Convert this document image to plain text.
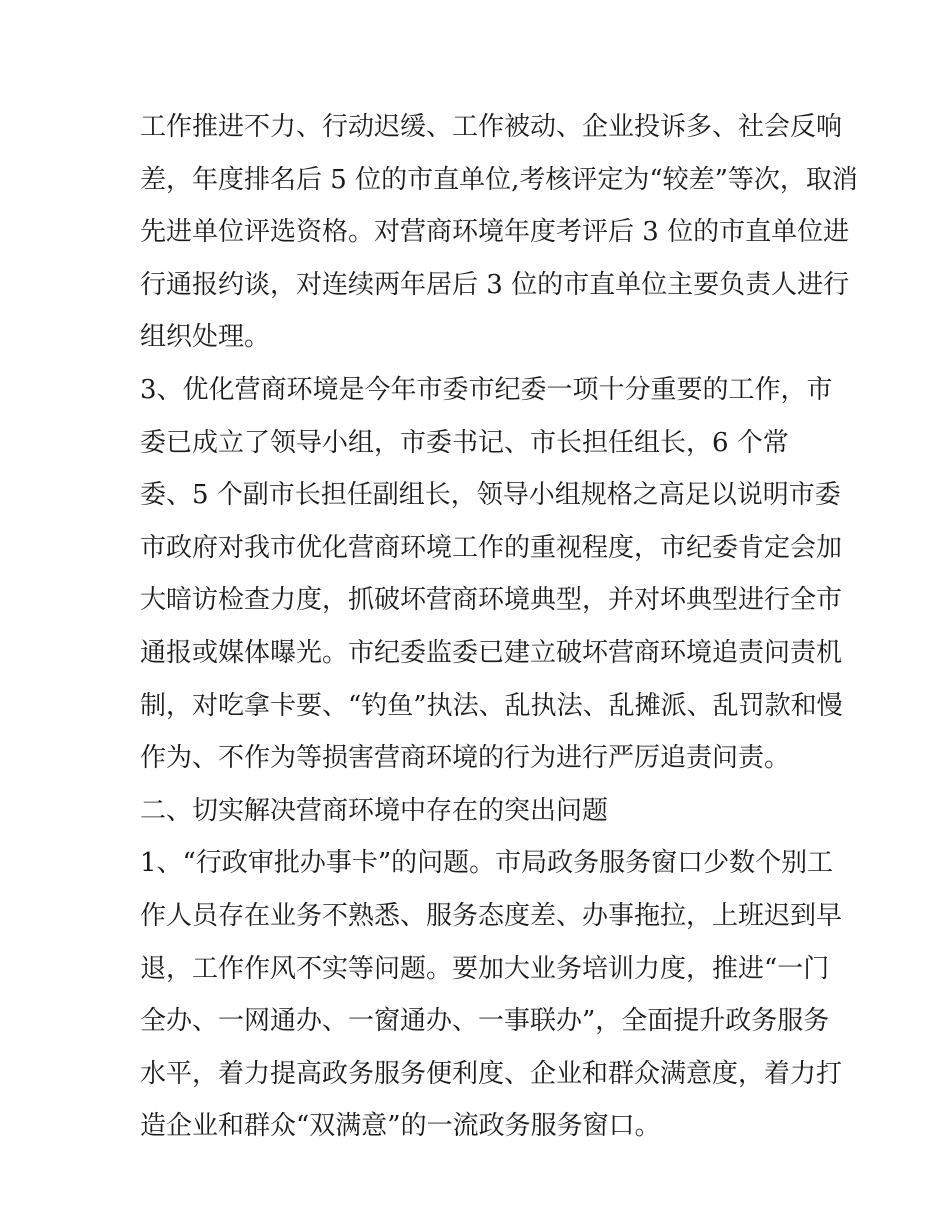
工作推进不力、行动迟缓、工作被动、企业投诉多、社会反响
差，年度排名后 5 位的市直单位,考核评定为“较差”等次，取消
先进单位评选资格。对营商环境年度考评后 3 位的市直单位进
行通报约谈，对连续两年居后 3 位的市直单位主要负责人进行
组织处理。
3、优化营商环境是今年市委市纪委一项十分重要的工作，市
委已成立了领导小组，市委书记、市长担任组长，6 个常
委、5 个副市长担任副组长，领导小组规格之高足以说明市委
市政府对我市优化营商环境工作的重视程度，市纪委肯定会加
大暗访检查力度，抓破坏营商环境典型，并对坏典型进行全市
通报或媒体曝光。市纪委监委已建立破坏营商环境追责问责机
制，对吃拿卡要、“钓鱼”执法、乱执法、乱摊派、乱罚款和慢
作为、不作为等损害营商环境的行为进行严厉追责问责。
二、切实解决营商环境中存在的突出问题
1、“行政审批办事卡”的问题。市局政务服务窗口少数个别工
作人员存在业务不熟悉、服务态度差、办事拖拉，上班迟到早
退，工作作风不实等问题。要加大业务培训力度，推进“一门
全办、一网通办、一窗通办、一事联办”，全面提升政务服务
水平，着力提高政务服务便利度、企业和群众满意度，着力打
造企业和群众“双满意”的一流政务服务窗口。
